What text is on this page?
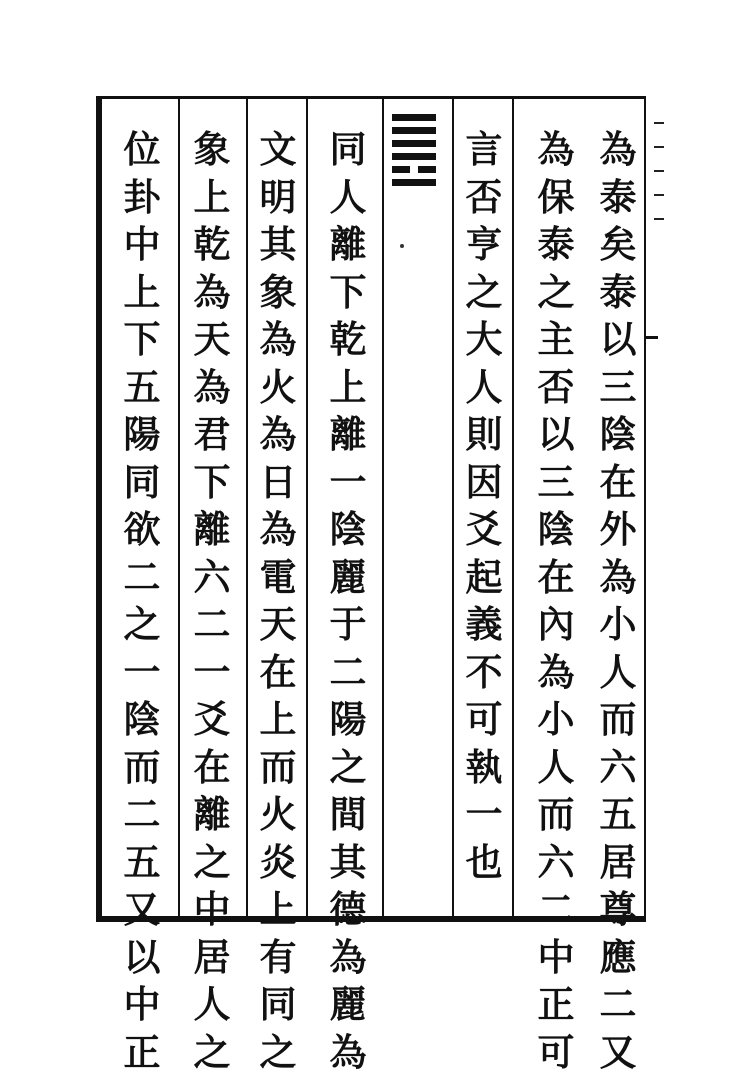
為
泰
矣
泰
以
三
陰
在
外
為
小
人
而
六
五
居
尊
應
二
又
為
保
泰
之
主
否
以
三
陰
在
內
為
小
人
而
六
二
中
正
可
言
否
亨
之
大
人
則
因
爻
起
義
不
可
執
一
也
同
人
離
下
乾
上
離
一
陰
麗
于
二
陽
之
間
其
德
為
麗
為
文
明
其
象
為
火
為
日
為
電
天
在
上
而
火
炎
上
有
同
之
象
上
乾
為
天
為
君
下
離
六
二
一
爻
在
離
之
中
居
人
之
位
卦
中
上
下
五
陽
同
欲
二
之
一
陰
而
二
五
又
以
中
正
